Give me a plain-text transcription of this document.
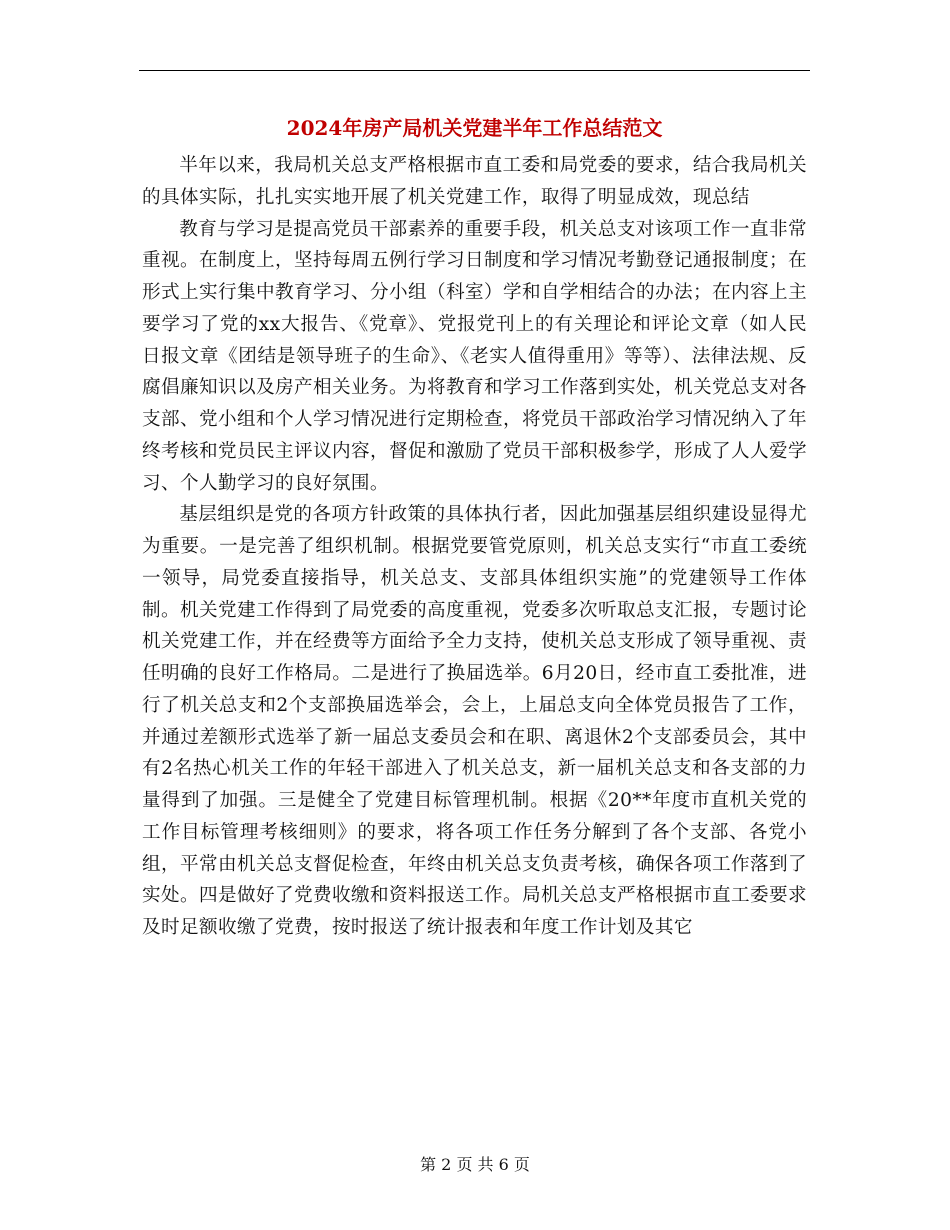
2024年房产局机关党建半年工作总结范文

半年以来，我局机关总支严格根据市直工委和局党委的要求，结合我局机关的具体实际，扎扎实实地开展了机关党建工作，取得了明显成效，现总结

教育与学习是提高党员干部素养的重要手段，机关总支对该项工作一直非常重视。在制度上，坚持每周五例行学习日制度和学习情况考勤登记通报制度；在形式上实行集中教育学习、分小组（科室）学和自学相结合的办法；在内容上主要学习了党的xx大报告、《党章》、党报党刊上的有关理论和评论文章（如人民日报文章《团结是领导班子的生命》、《老实人值得重用》等等）、法律法规、反腐倡廉知识以及房产相关业务。为将教育和学习工作落到实处，机关党总支对各支部、党小组和个人学习情况进行定期检查，将党员干部政治学习情况纳入了年终考核和党员民主评议内容，督促和激励了党员干部积极参学，形成了人人爱学习、个人勤学习的良好氛围。

基层组织是党的各项方针政策的具体执行者，因此加强基层组织建设显得尤为重要。一是完善了组织机制。根据党要管党原则，机关总支实行“市直工委统一领导，局党委直接指导，机关总支、支部具体组织实施”的党建领导工作体制。机关党建工作得到了局党委的高度重视，党委多次听取总支汇报，专题讨论机关党建工作，并在经费等方面给予全力支持，使机关总支形成了领导重视、责任明确的良好工作格局。二是进行了换届选举。6月20日，经市直工委批准，进行了机关总支和2个支部换届选举会，会上，上届总支向全体党员报告了工作，并通过差额形式选举了新一届总支委员会和在职、离退休2个支部委员会，其中有2名热心机关工作的年轻干部进入了机关总支，新一届机关总支和各支部的力量得到了加强。三是健全了党建目标管理机制。根据《20**年度市直机关党的工作目标管理考核细则》的要求，将各项工作任务分解到了各个支部、各党小组，平常由机关总支督促检查，年终由机关总支负责考核，确保各项工作落到了实处。四是做好了党费收缴和资料报送工作。局机关总支严格根据市直工委要求及时足额收缴了党费，按时报送了统计报表和年度工作计划及其它

第 2 页 共 6 页
